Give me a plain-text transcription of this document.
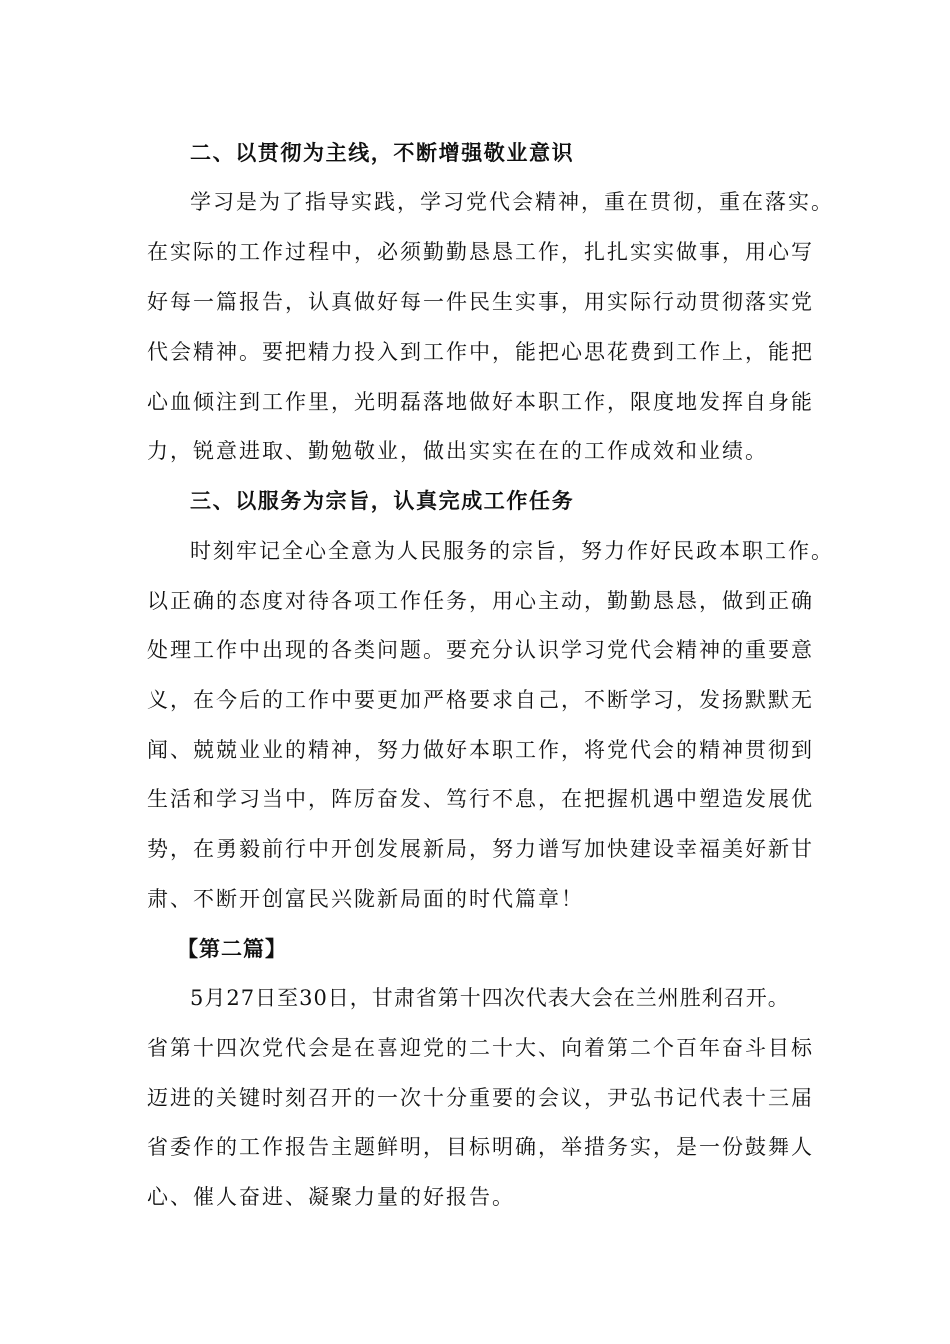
二、以贯彻为主线，不断增强敬业意识
学习是为了指导实践，学习党代会精神，重在贯彻，重在落实。
在实际的工作过程中，必须勤勤恳恳工作，扎扎实实做事，用心写
好每一篇报告，认真做好每一件民生实事，用实际行动贯彻落实党
代会精神。要把精力投入到工作中，能把心思花费到工作上，能把
心血倾注到工作里，光明磊落地做好本职工作，限度地发挥自身能
力，锐意进取、勤勉敬业，做出实实在在的工作成效和业绩。
三、以服务为宗旨，认真完成工作任务
时刻牢记全心全意为人民服务的宗旨，努力作好民政本职工作。
以正确的态度对待各项工作任务，用心主动，勤勤恳恳，做到正确
处理工作中出现的各类问题。要充分认识学习党代会精神的重要意
义，在今后的工作中要更加严格要求自己，不断学习，发扬默默无
闻、兢兢业业的精神，努力做好本职工作，将党代会的精神贯彻到
生活和学习当中，阵厉奋发、笃行不息，在把握机遇中塑造发展优
势，在勇毅前行中开创发展新局，努力谱写加快建设幸福美好新甘
肃、不断开创富民兴陇新局面的时代篇章！
【第二篇】
5月27日至30日，甘肃省第十四次代表大会在兰州胜利召开。
省第十四次党代会是在喜迎党的二十大、向着第二个百年奋斗目标
迈进的关键时刻召开的一次十分重要的会议，尹弘书记代表十三届
省委作的工作报告主题鲜明，目标明确，举措务实，是一份鼓舞人
心、催人奋进、凝聚力量的好报告。
